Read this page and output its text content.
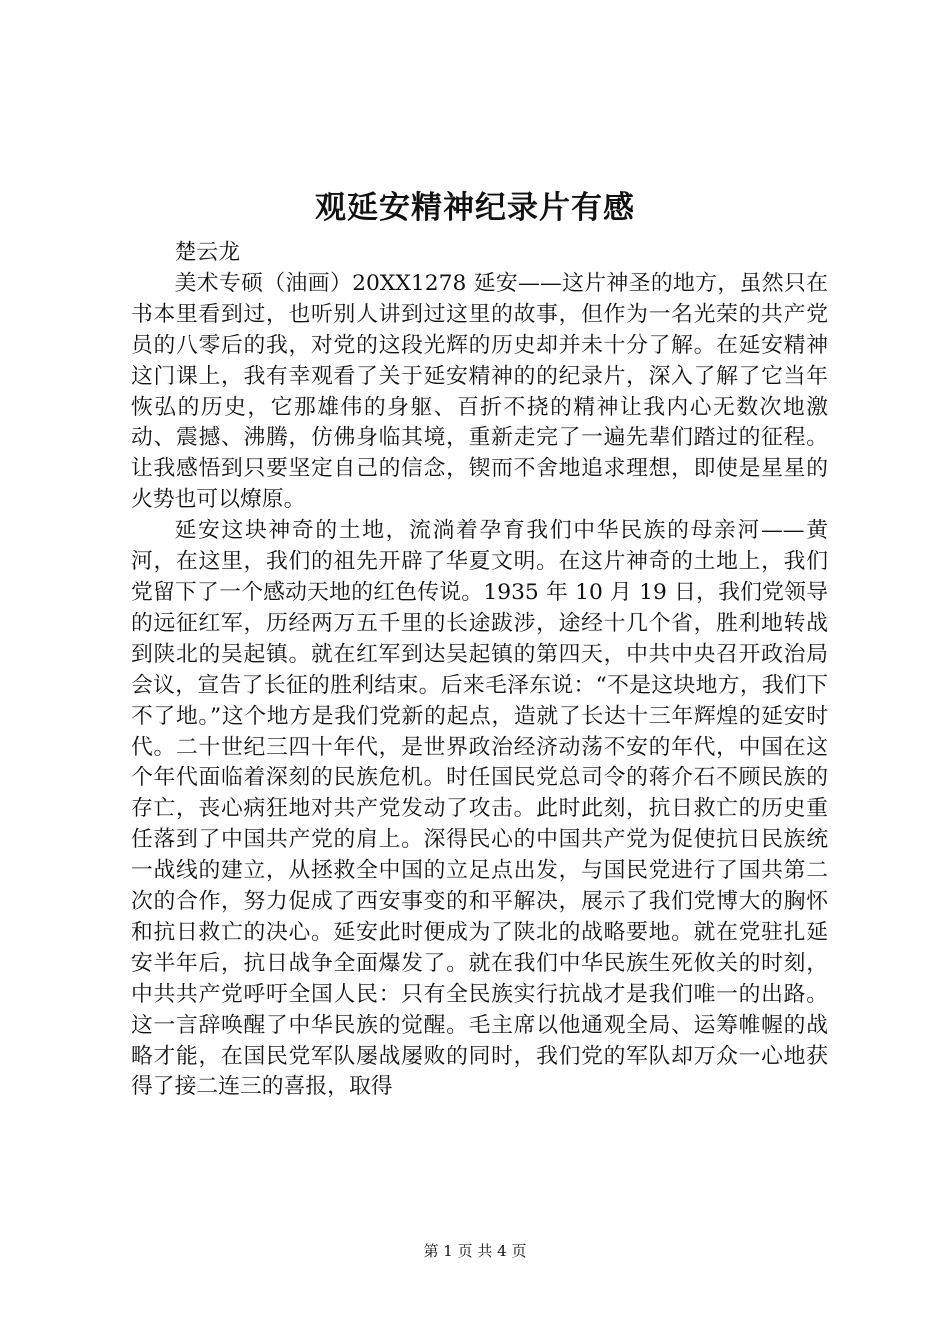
观延安精神纪录片有感

楚云龙

美术专硕（油画）20XX1278 延安——这片神圣的地方，虽然只在书本里看到过，也听别人讲到过这里的故事，但作为一名光荣的共产党员的八零后的我，对党的这段光辉的历史却并未十分了解。在延安精神这门课上，我有幸观看了关于延安精神的的纪录片，深入了解了它当年恢弘的历史，它那雄伟的身躯、百折不挠的精神让我内心无数次地激动、震撼、沸腾，仿佛身临其境，重新走完了一遍先辈们踏过的征程。让我感悟到只要坚定自己的信念，锲而不舍地追求理想，即使是星星的火势也可以燎原。

延安这块神奇的土地，流淌着孕育我们中华民族的母亲河——黄河，在这里，我们的祖先开辟了华夏文明。在这片神奇的土地上，我们党留下了一个感动天地的红色传说。1935 年 10 月 19 日，我们党领导的远征红军，历经两万五千里的长途跋涉，途经十几个省，胜利地转战到陕北的吴起镇。就在红军到达吴起镇的第四天，中共中央召开政治局会议，宣告了长征的胜利结束。后来毛泽东说：“不是这块地方，我们下不了地。”这个地方是我们党新的起点，造就了长达十三年辉煌的延安时代。二十世纪三四十年代，是世界政治经济动荡不安的年代，中国在这个年代面临着深刻的民族危机。时任国民党总司令的蒋介石不顾民族的存亡，丧心病狂地对共产党发动了攻击。此时此刻，抗日救亡的历史重任落到了中国共产党的肩上。深得民心的中国共产党为促使抗日民族统一战线的建立，从拯救全中国的立足点出发，与国民党进行了国共第二次的合作，努力促成了西安事变的和平解决，展示了我们党博大的胸怀和抗日救亡的决心。延安此时便成为了陕北的战略要地。就在党驻扎延安半年后，抗日战争全面爆发了。就在我们中华民族生死攸关的时刻，中共共产党呼吁全国人民：只有全民族实行抗战才是我们唯一的出路。这一言辞唤醒了中华民族的觉醒。毛主席以他通观全局、运筹帷幄的战略才能，在国民党军队屡战屡败的同时，我们党的军队却万众一心地获得了接二连三的喜报，取得

第 1 页 共 4 页
